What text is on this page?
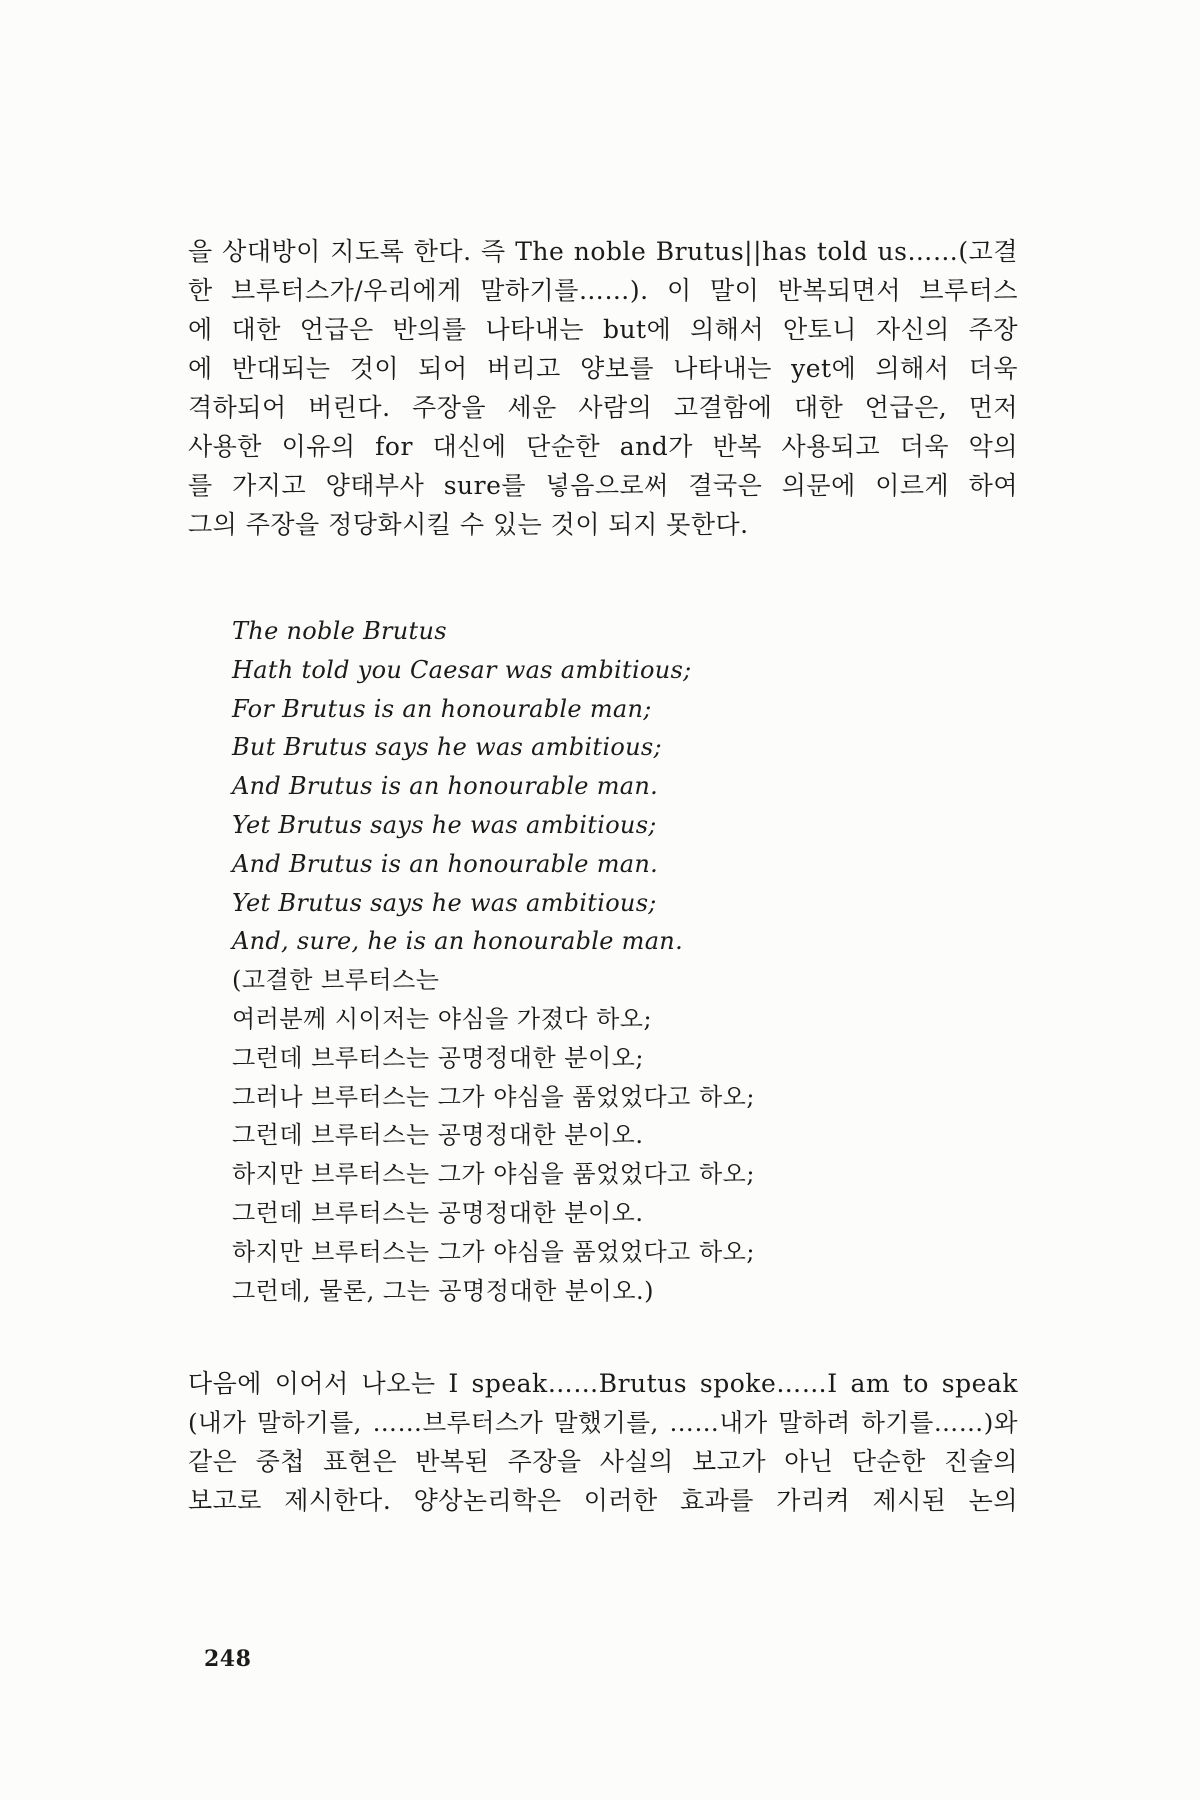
을 상대방이 지도록 한다. 즉 The noble Brutus||has told us……(고결
한 브루터스가/우리에게 말하기를……). 이 말이 반복되면서 브루터스
에 대한 언급은 반의를 나타내는 but에 의해서 안토니 자신의 주장
에 반대되는 것이 되어 버리고 양보를 나타내는 yet에 의해서 더욱
격하되어 버린다. 주장을 세운 사람의 고결함에 대한 언급은, 먼저
사용한 이유의 for 대신에 단순한 and가 반복 사용되고 더욱 악의
를 가지고 양태부사 sure를 넣음으로써 결국은 의문에 이르게 하여
그의 주장을 정당화시킬 수 있는 것이 되지 못한다.
The noble Brutus
Hath told you Caesar was ambitious;
For Brutus is an honourable man;
But Brutus says he was ambitious;
And Brutus is an honourable man.
Yet Brutus says he was ambitious;
And Brutus is an honourable man.
Yet Brutus says he was ambitious;
And, sure, he is an honourable man.
(고결한 브루터스는
여러분께 시이저는 야심을 가졌다 하오;
그런데 브루터스는 공명정대한 분이오;
그러나 브루터스는 그가 야심을 품었었다고 하오;
그런데 브루터스는 공명정대한 분이오.
하지만 브루터스는 그가 야심을 품었었다고 하오;
그런데 브루터스는 공명정대한 분이오.
하지만 브루터스는 그가 야심을 품었었다고 하오;
그런데, 물론, 그는 공명정대한 분이오.)
다음에 이어서 나오는 I speak……Brutus spoke……I am to speak
(내가 말하기를, ……브루터스가 말했기를, ……내가 말하려 하기를……)와
같은 중첩 표현은 반복된 주장을 사실의 보고가 아닌 단순한 진술의
보고로 제시한다. 양상논리학은 이러한 효과를 가리켜 제시된 논의
248
